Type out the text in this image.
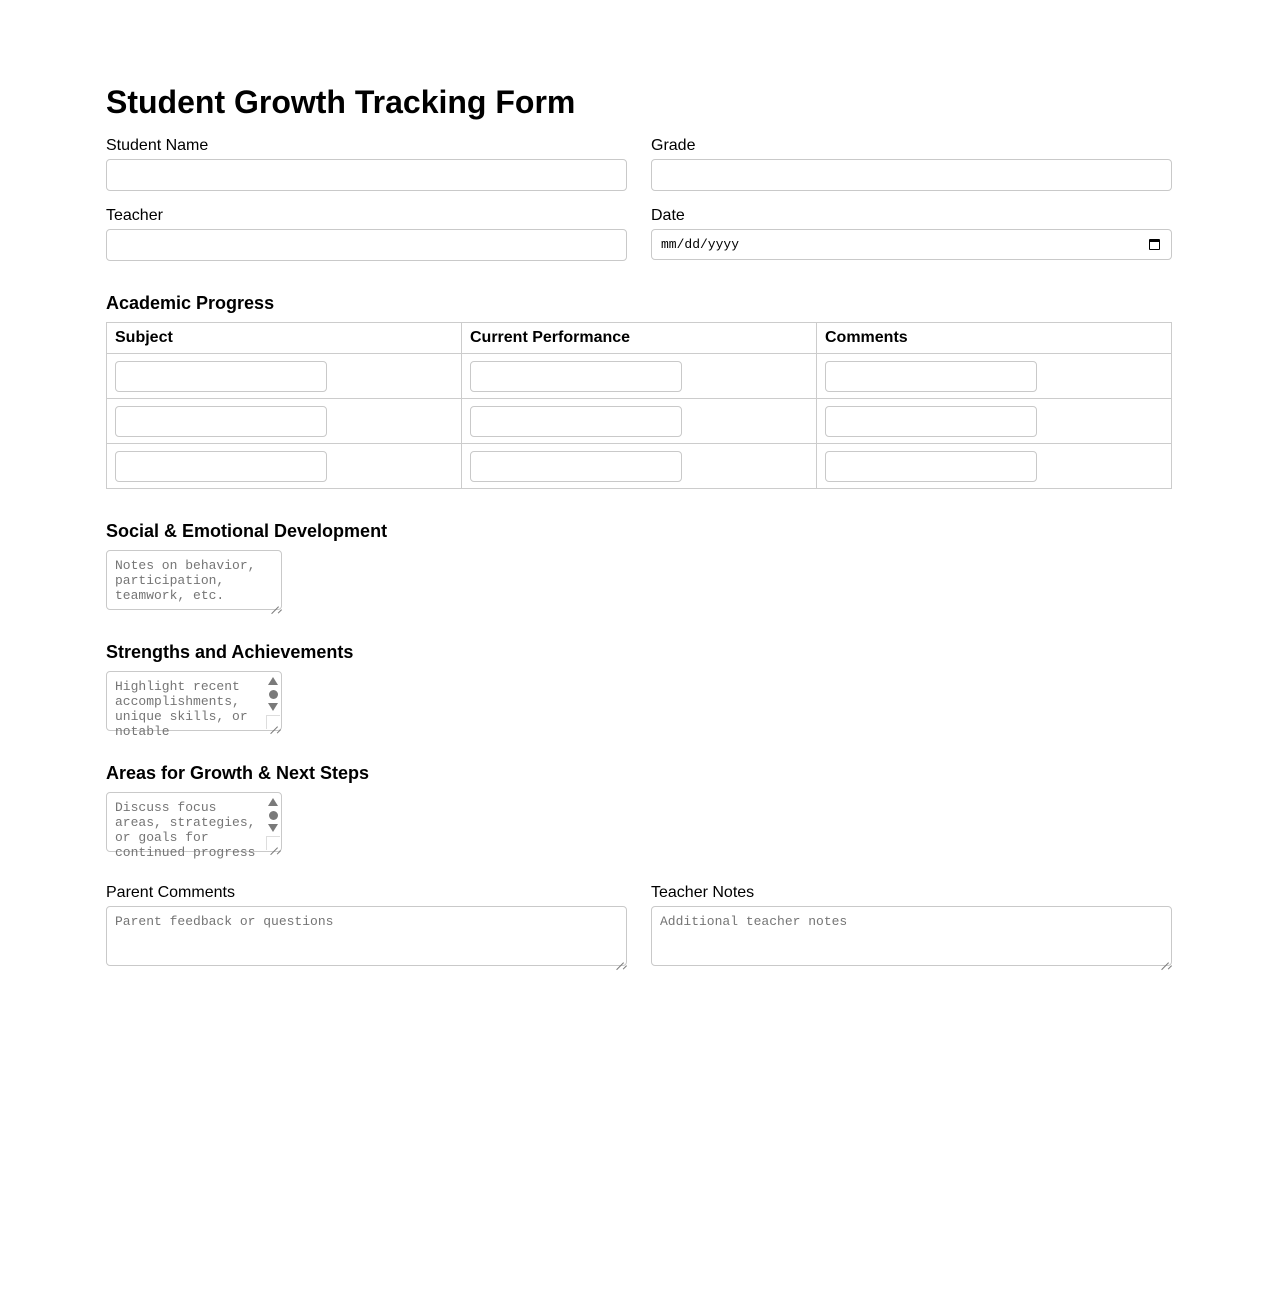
Student Growth Tracking Form
Student Name	Grade
Teacher	Date
mm/dd/yyyy
Academic Progress
Subject	Current Performance	Comments

Social & Emotional Development
Notes on behavior, participation, teamwork, etc.
Strengths and Achievements
Highlight recent accomplishments, unique skills, or notable
Areas for Growth & Next Steps
Discuss focus areas, strategies, or goals for continued progress
Parent Comments
Parent feedback or questions
Teacher Notes
Additional teacher notes
